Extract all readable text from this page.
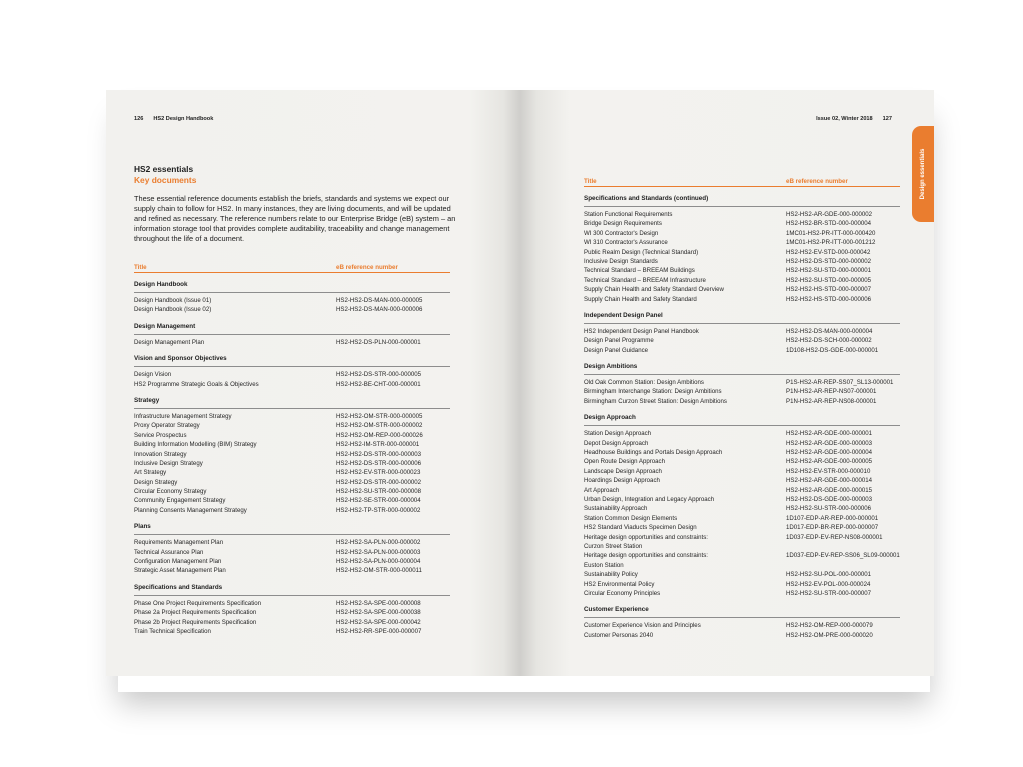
126 HS2 Design Handbook
HS2 essentials
Key documents
These essential reference documents establish the briefs, standards and systems we expect our supply chain to follow for HS2. In many instances, they are living documents, and will be updated and refined as necessary. The reference numbers relate to our Enterprise Bridge (eB) system – an information storage tool that provides complete auditability, traceability and change management throughout the life of a document.
Title	eB reference number
Design Handbook
Design Handbook (Issue 01)	HS2-HS2-DS-MAN-000-000005
Design Handbook (Issue 02)	HS2-HS2-DS-MAN-000-000006
Design Management
Design Management Plan	HS2-HS2-DS-PLN-000-000001
Vision and Sponsor Objectives
Design Vision	HS2-HS2-DS-STR-000-000005
HS2 Programme Strategic Goals & Objectives	HS2-HS2-BE-CHT-000-000001
Strategy
Infrastructure Management Strategy	HS2-HS2-OM-STR-000-000005
Proxy Operator Strategy	HS2-HS2-OM-STR-000-000002
Service Prospectus	HS2-HS2-OM-REP-000-000026
Building Information Modelling (BIM) Strategy	HS2-HS2-IM-STR-000-000001
Innovation Strategy	HS2-HS2-DS-STR-000-000003
Inclusive Design Strategy	HS2-HS2-DS-STR-000-000006
Art Strategy	HS2-HS2-EV-STR-000-000023
Design Strategy	HS2-HS2-DS-STR-000-000002
Circular Economy Strategy	HS2-HS2-SU-STR-000-000008
Community Engagement Strategy	HS2-HS2-SE-STR-000-000004
Planning Consents Management Strategy	HS2-HS2-TP-STR-000-000002
Plans
Requirements Management Plan	HS2-HS2-SA-PLN-000-000002
Technical Assurance Plan	HS2-HS2-SA-PLN-000-000003
Configuration Management Plan	HS2-HS2-SA-PLN-000-000004
Strategic Asset Management Plan	HS2-HS2-OM-STR-000-000011
Specifications and Standards
Phase One Project Requirements Specification	HS2-HS2-SA-SPE-000-000008
Phase 2a Project Requirements Specification	HS2-HS2-SA-SPE-000-000038
Phase 2b Project Requirements Specification	HS2-HS2-SA-SPE-000-000042
Train Technical Specification	HS2-HS2-RR-SPE-000-000007
Issue 02, Winter 2018 127
Design essentials
Title	eB reference number
Specifications and Standards (continued)
Station Functional Requirements	HS2-HS2-AR-GDE-000-000002
Bridge Design Requirements	HS2-HS2-BR-STD-000-000004
WI 300 Contractor's Design	1MC01-HS2-PR-ITT-000-000420
WI 310 Contractor's Assurance	1MC01-HS2-PR-ITT-000-001212
Public Realm Design (Technical Standard)	HS2-HS2-EV-STD-000-000042
Inclusive Design Standards	HS2-HS2-DS-STD-000-000002
Technical Standard – BREEAM Buildings	HS2-HS2-SU-STD-000-000001
Technical Standard – BREEAM Infrastructure	HS2-HS2-SU-STD-000-000005
Supply Chain Health and Safety Standard Overview	HS2-HS2-HS-STD-000-000007
Supply Chain Health and Safety Standard	HS2-HS2-HS-STD-000-000006
Independent Design Panel
HS2 Independent Design Panel Handbook	HS2-HS2-DS-MAN-000-000004
Design Panel Programme	HS2-HS2-DS-SCH-000-000002
Design Panel Guidance	1D108-HS2-DS-GDE-000-000001
Design Ambitions
Old Oak Common Station: Design Ambitions	P1S-HS2-AR-REP-SS07_SL13-000001
Birmingham Interchange Station: Design Ambitions	P1N-HS2-AR-REP-NS07-000001
Birmingham Curzon Street Station: Design Ambitions	P1N-HS2-AR-REP-NS08-000001
Design Approach
Station Design Approach	HS2-HS2-AR-GDE-000-000001
Depot Design Approach	HS2-HS2-AR-GDE-000-000003
Headhouse Buildings and Portals Design Approach	HS2-HS2-AR-GDE-000-000004
Open Route Design Approach	HS2-HS2-AR-GDE-000-000005
Landscape Design Approach	HS2-HS2-EV-STR-000-000010
Hoardings Design Approach	HS2-HS2-AR-GDE-000-000014
Art Approach	HS2-HS2-AR-GDE-000-000015
Urban Design, Integration and Legacy Approach	HS2-HS2-DS-GDE-000-000003
Sustainability Approach	HS2-HS2-SU-STR-000-000006
Station Common Design Elements	1D107-EDP-AR-REP-000-000001
HS2 Standard Viaducts Specimen Design	1D017-EDP-BR-REP-000-000007
Heritage design opportunities and constraints:	1D037-EDP-EV-REP-NS08-000001
Curzon Street Station
Heritage design opportunities and constraints:	1D037-EDP-EV-REP-SS06_SL09-000001
Euston Station
Sustainability Policy	HS2-HS2-SU-POL-000-000001
HS2 Environmental Policy	HS2-HS2-EV-POL-000-000024
Circular Economy Principles	HS2-HS2-SU-STR-000-000007
Customer Experience
Customer Experience Vision and Principles	HS2-HS2-OM-REP-000-000079
Customer Personas 2040	HS2-HS2-OM-PRE-000-000020
